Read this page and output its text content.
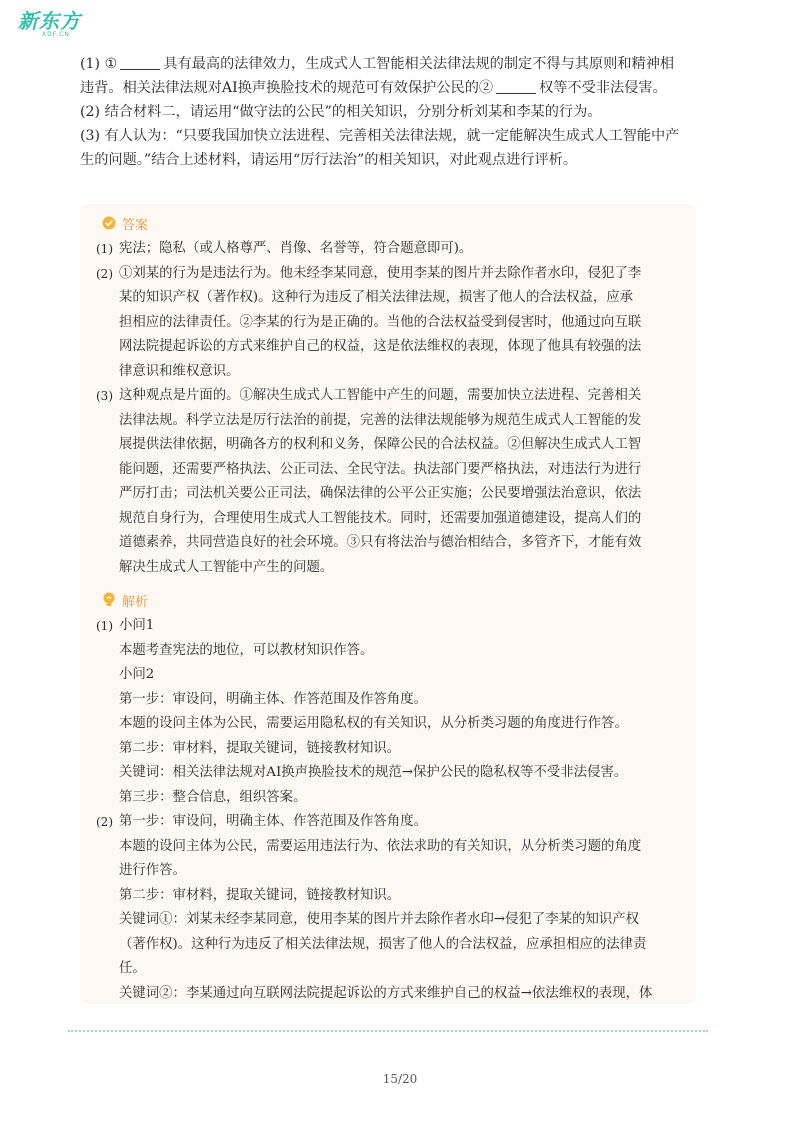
新东方
XDF.CN
(1) ①	具有最高的法律效力，生成式人工智能相关法律法规的制定不得与其原则和精神相
违背。相关法律法规对AI换声换脸技术的规范可有效保护公民的②	权等不受非法侵害。
(2) 结合材料二，请运用“做守法的公民”的相关知识，分别分析刘某和李某的行为。
(3) 有人认为：“只要我国加快立法进程、完善相关法律法规，就一定能解决生成式人工智能中产
生的问题。”结合上述材料，请运用“厉行法治”的相关知识，对此观点进行评析。
答案
(1) 宪法；隐私（或人格尊严、肖像、名誉等，符合题意即可)。
(2) ①刘某的行为是违法行为。他未经李某同意，使用李某的图片并去除作者水印，侵犯了李
某的知识产权（著作权)。这种行为违反了相关法律法规，损害了他人的合法权益，应承
担相应的法律责任。②李某的行为是正确的。当他的合法权益受到侵害时，他通过向互联
网法院提起诉讼的方式来维护自己的权益，这是依法维权的表现，体现了他具有较强的法
律意识和维权意识。
(3) 这种观点是片面的。①解决生成式人工智能中产生的问题，需要加快立法进程、完善相关
法律法规。科学立法是厉行法治的前提，完善的法律法规能够为规范生成式人工智能的发
展提供法律依据，明确各方的权利和义务，保障公民的合法权益。②但解决生成式人工智
能问题，还需要严格执法、公正司法、全民守法。执法部门要严格执法，对违法行为进行
严厉打击；司法机关要公正司法，确保法律的公平公正实施；公民要增强法治意识，依法
规范自身行为，合理使用生成式人工智能技术。同时，还需要加强道德建设，提高人们的
道德素养，共同营造良好的社会环境。③只有将法治与德治相结合，多管齐下，才能有效
解决生成式人工智能中产生的问题。
解析
(1) 小问1
本题考查宪法的地位，可以教材知识作答。
小问2
第一步：审设问，明确主体、作答范围及作答角度。
本题的设问主体为公民，需要运用隐私权的有关知识，从分析类习题的角度进行作答。
第二步：审材料，提取关键词，链接教材知识。
关键词：相关法律法规对AI换声换脸技术的规范→保护公民的隐私权等不受非法侵害。
第三步：整合信息，组织答案。
(2) 第一步：审设问，明确主体、作答范围及作答角度。
本题的设问主体为公民，需要运用违法行为、依法求助的有关知识，从分析类习题的角度
进行作答。
第二步：审材料，提取关键词，链接教材知识。
关键词①：刘某未经李某同意，使用李某的图片并去除作者水印→侵犯了李某的知识产权
（著作权)。这种行为违反了相关法律法规，损害了他人的合法权益，应承担相应的法律责
任。
关键词②：李某通过向互联网法院提起诉讼的方式来维护自己的权益→依法维权的表现，体
15/20
